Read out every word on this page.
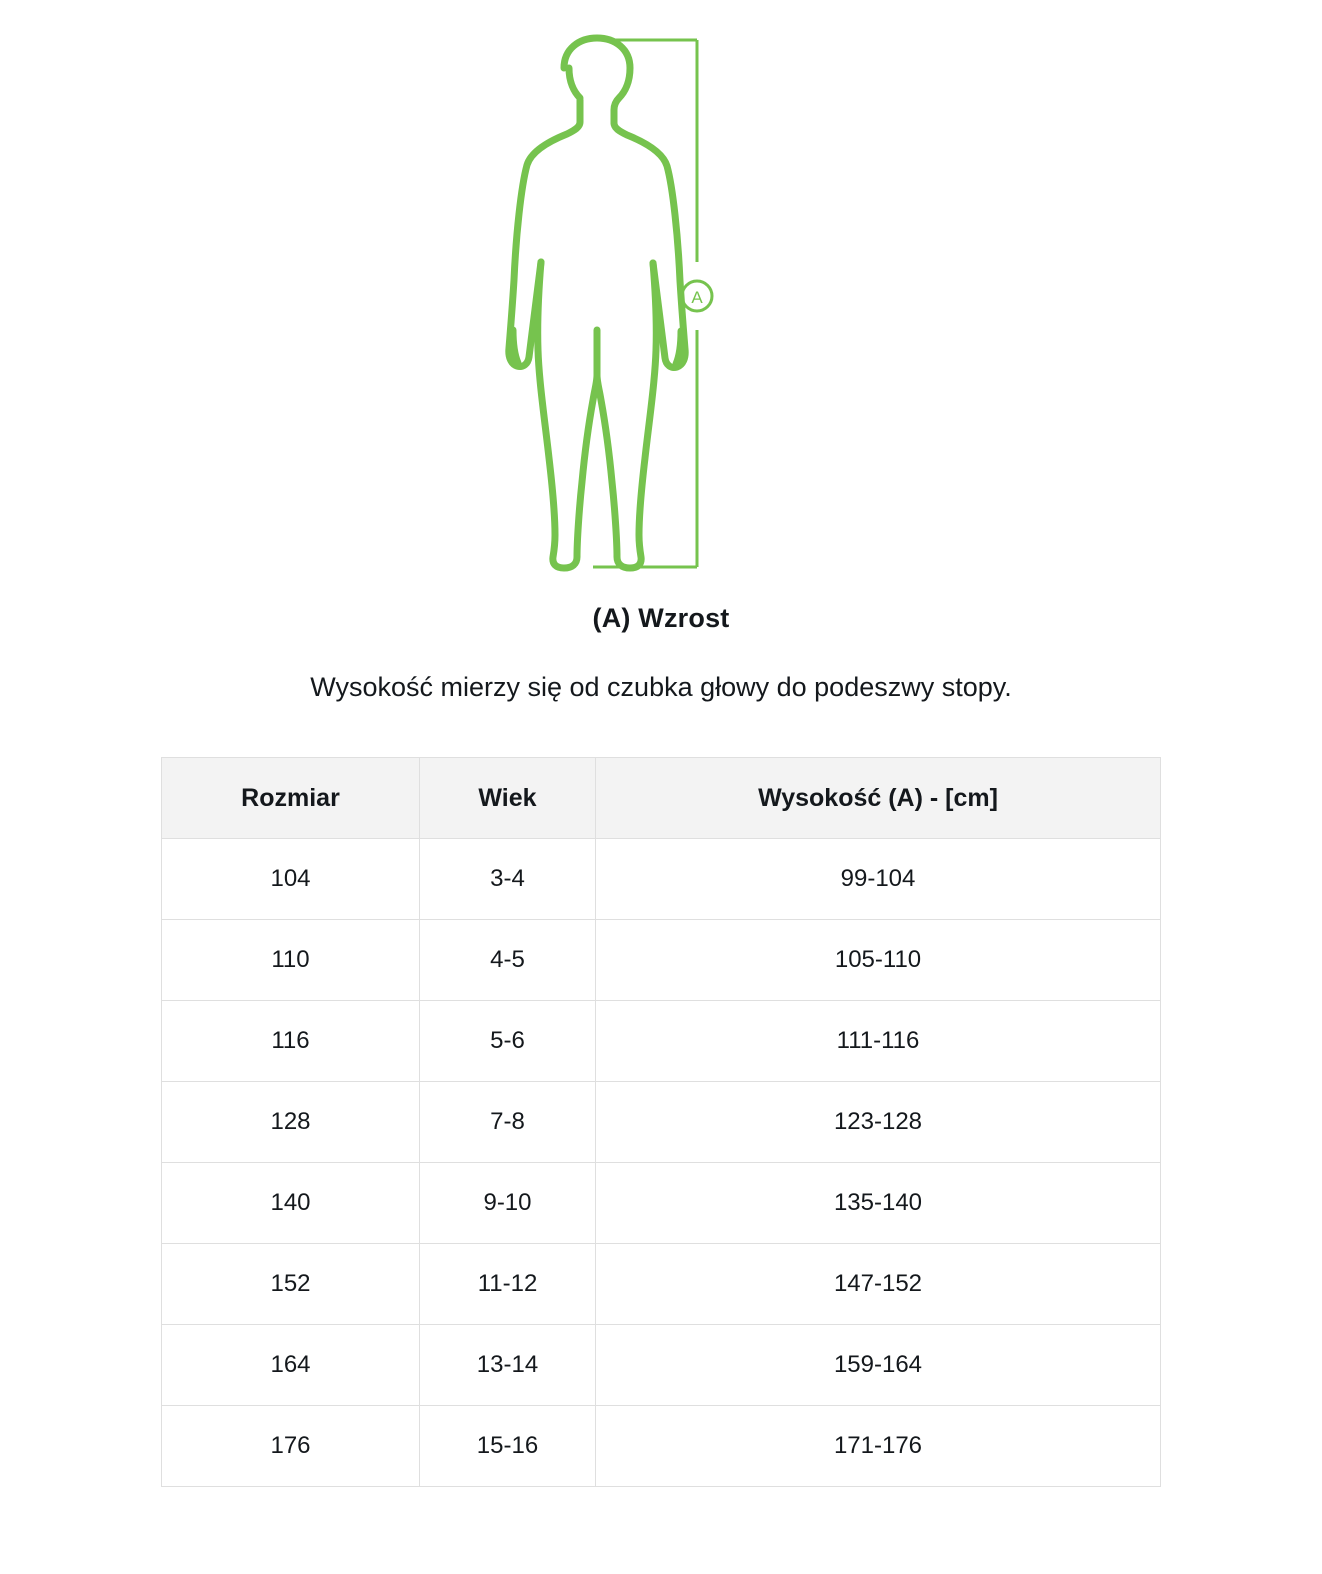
A
(A) Wzrost
Wysokość mierzy się od czubka głowy do podeszwy stopy.
Rozmiar	Wiek	Wysokość (A) - [cm]
104	3-4	99-104
110	4-5	105-110
116	5-6	111-116
128	7-8	123-128
140	9-10	135-140
152	11-12	147-152
164	13-14	159-164
176	15-16	171-176
